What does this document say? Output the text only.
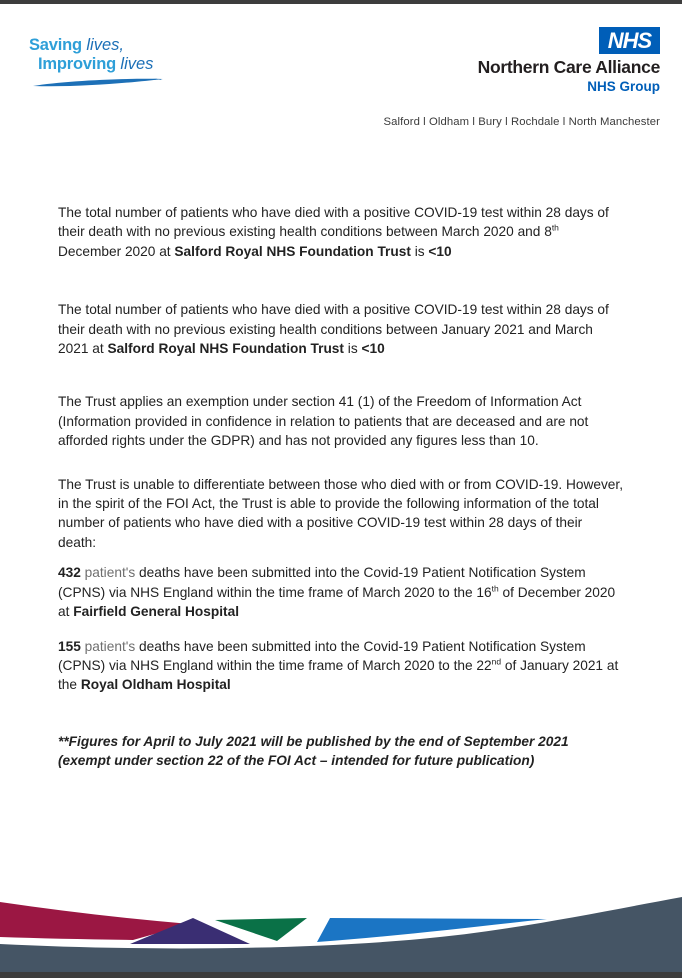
Saving lives,
Improving lives
NHS
Northern Care Alliance
NHS Group
Salford l Oldham l Bury l Rochdale l North Manchester

The total number of patients who have died with a positive COVID-19 test within 28 days of their death with no previous existing health conditions between March 2020 and 8th December 2020 at Salford Royal NHS Foundation Trust is <10

The total number of patients who have died with a positive COVID-19 test within 28 days of their death with no previous existing health conditions between January 2021 and March 2021 at Salford Royal NHS Foundation Trust is <10

The Trust applies an exemption under section 41 (1) of the Freedom of Information Act (Information provided in confidence in relation to patients that are deceased and are not afforded rights under the GDPR) and has not provided any figures less than 10.

The Trust is unable to differentiate between those who died with or from COVID-19. However, in the spirit of the FOI Act, the Trust is able to provide the following information of the total number of patients who have died with a positive COVID-19 test within 28 days of their death:

432 patient's deaths have been submitted into the Covid-19 Patient Notification System (CPNS) via NHS England within the time frame of March 2020 to the 16th of December 2020 at Fairfield General Hospital

155 patient's deaths have been submitted into the Covid-19 Patient Notification System (CPNS) via NHS England within the time frame of March 2020 to the 22nd of January 2021 at the Royal Oldham Hospital

**Figures for April to July 2021 will be published by the end of September 2021 (exempt under section 22 of the FOI Act – intended for future publication)
